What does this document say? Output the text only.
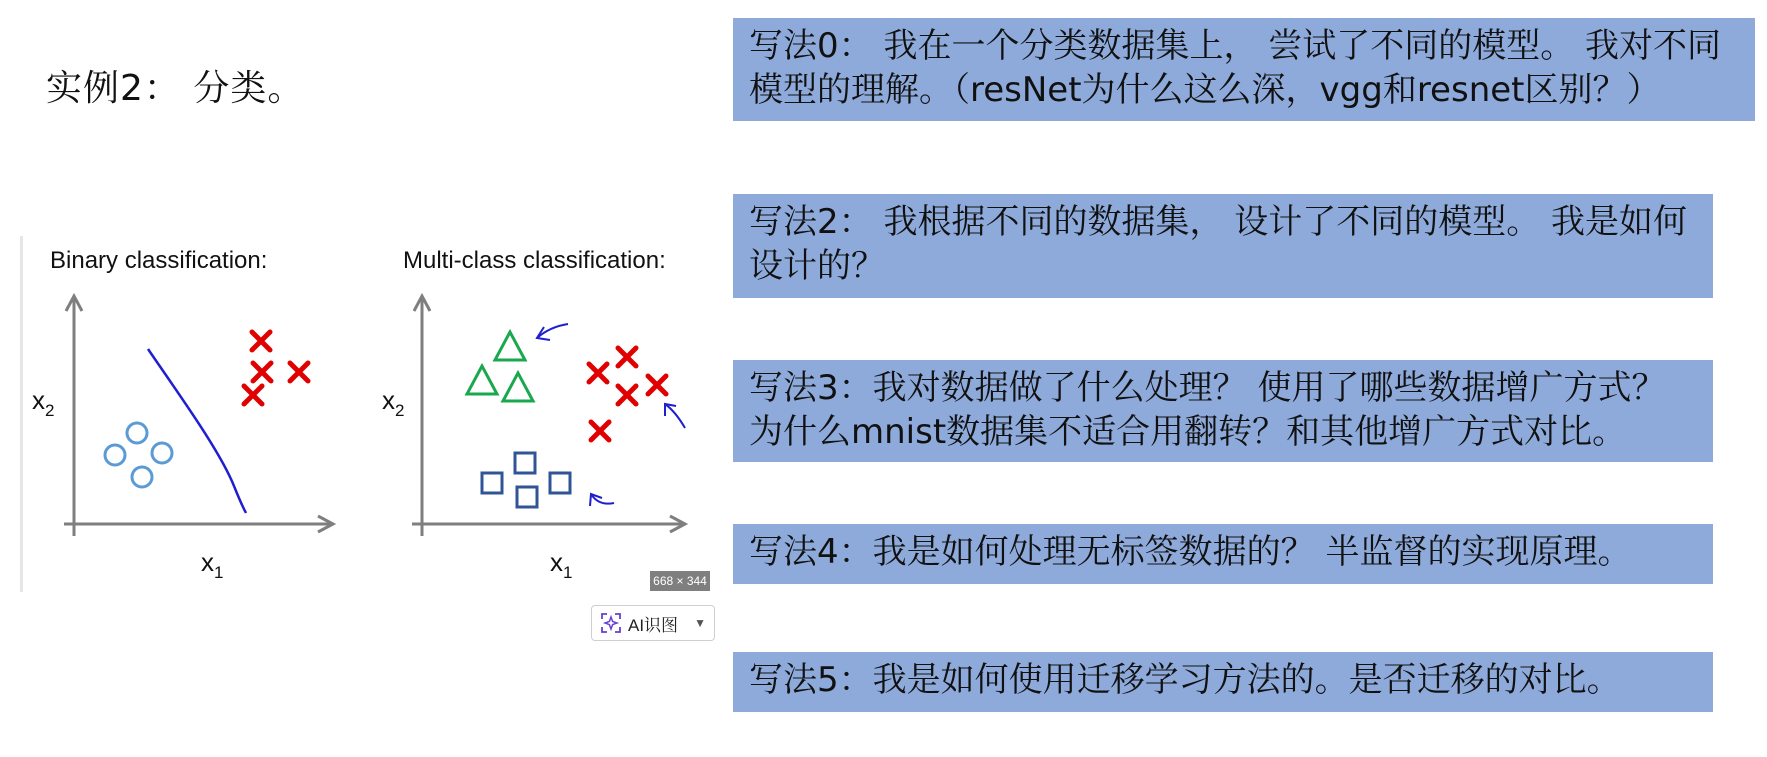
实例2： 分类。
写法0： 我在一个分类数据集上， 尝试了不同的模型。 我对不同模型的理解。（resNet为什么这么深，vgg和resnet区别？）
写法2： 我根据不同的数据集， 设计了不同的模型。 我是如何设计的？
写法3：我对数据做了什么处理？ 使用了哪些数据增广方式？为什么mnist数据集不适合用翻转？和其他增广方式对比。
写法4：我是如何处理无标签数据的？ 半监督的实现原理。
写法5：我是如何使用迁移学习方法的。是否迁移的对比。
Binary classification:
$x_2$
$x_1$
Multi-class classification:
$x_2$
$x_1$	668 × 344
AI识图 ▼
